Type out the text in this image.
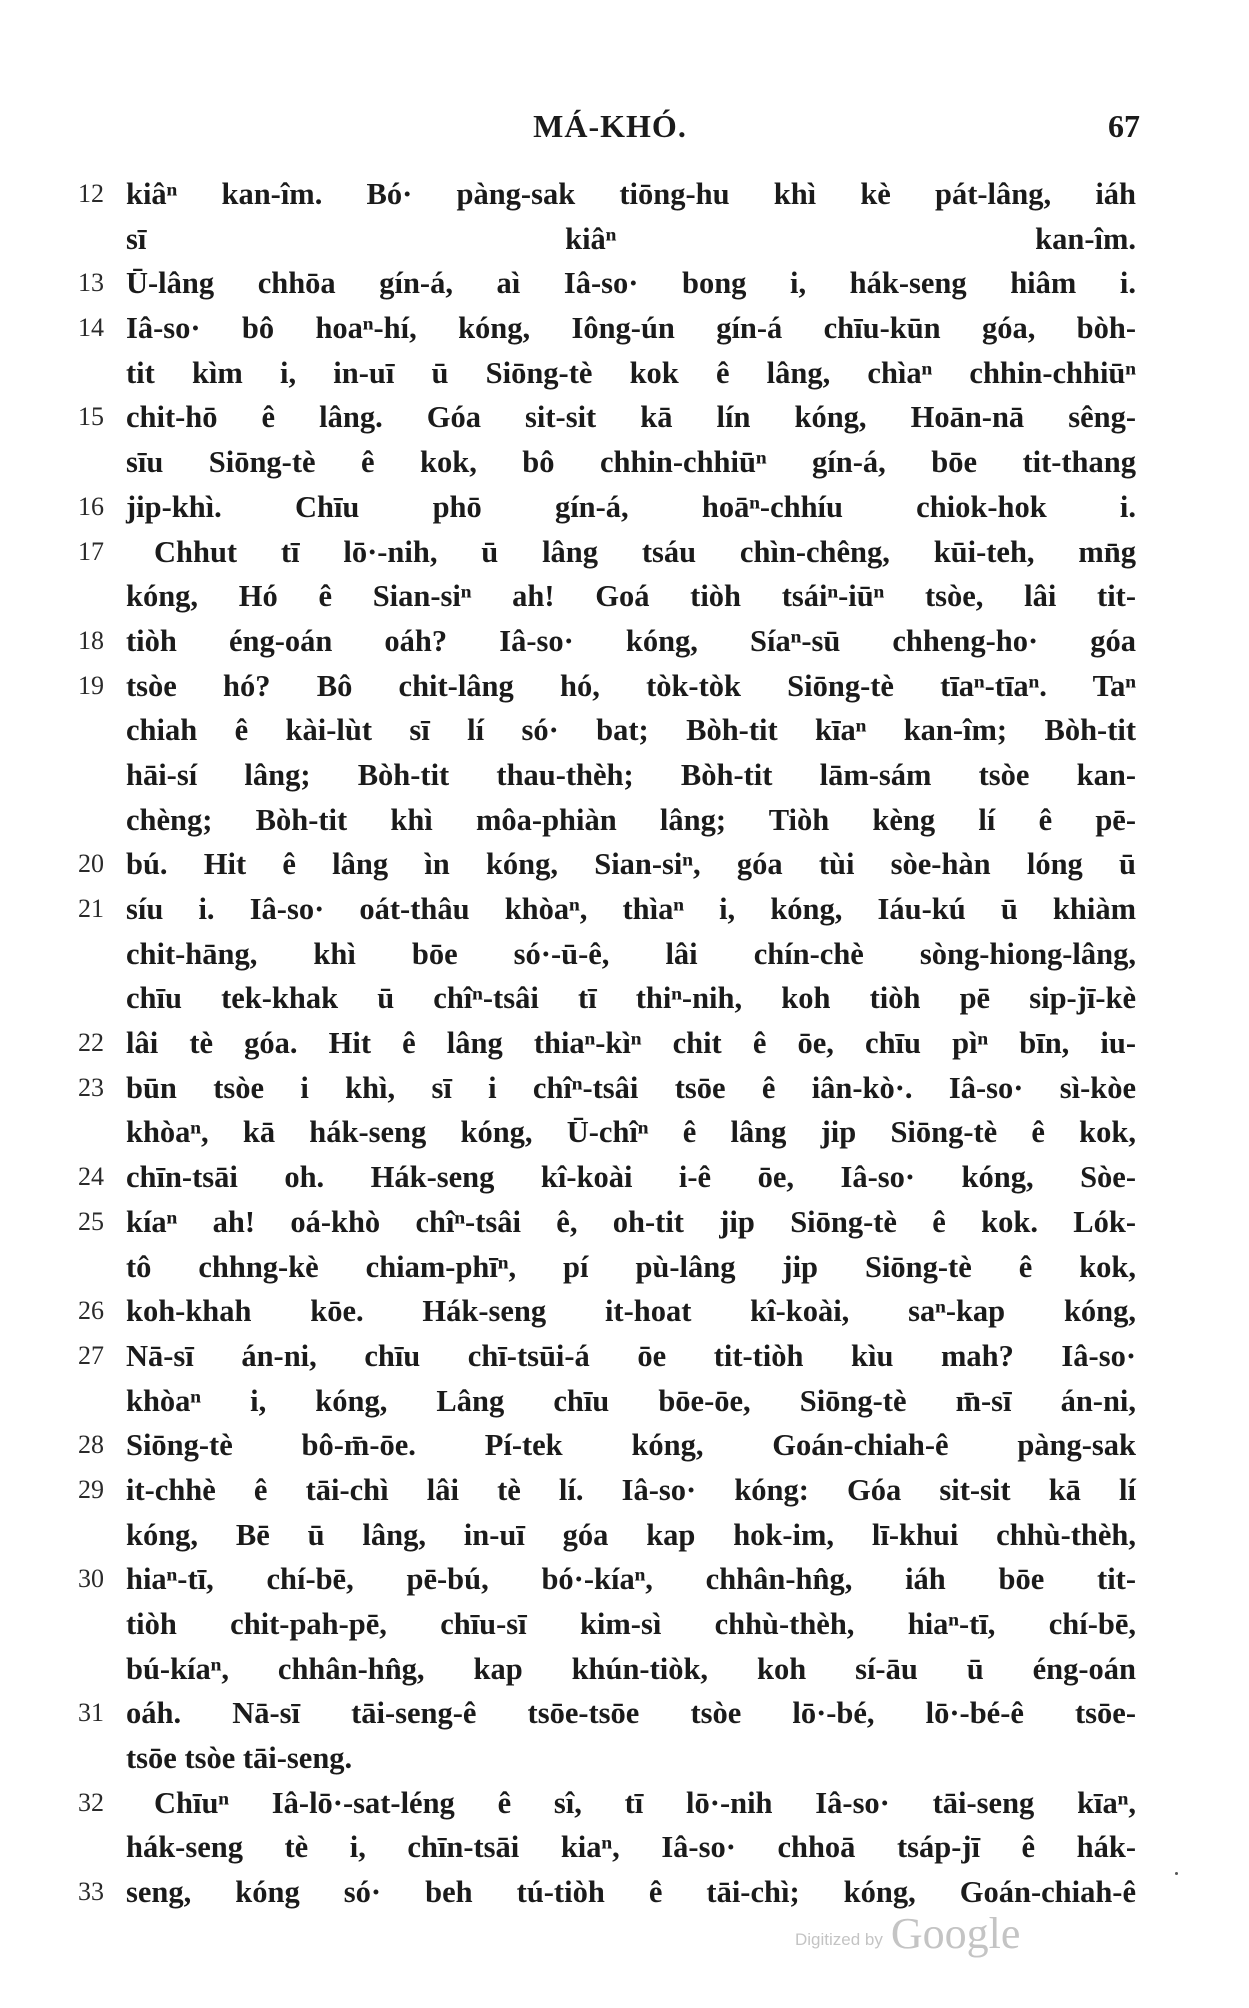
MÁ-KHÓ.	67
12 kiâⁿ kan-îm. Bó· pàng-sak tiōng-hu khì kè pát-lâng, iáh
sī kiâⁿ kan-îm.
13 Ū-lâng chhōa gín-á, aì Iâ-so· bong i, hák-seng hiâm i.
14 Iâ-so· bô hoaⁿ-hí, kóng, Iông-ún gín-á chīu-kūn góa, bòh-
tit kìm i, in-uī ū Siōng-tè kok ê lâng, chìaⁿ chhin-chhiūⁿ
15 chit-hō ê lâng. Góa sit-sit kā lín kóng, Hoān-nā sêng-
sīu Siōng-tè ê kok, bô chhin-chhiūⁿ gín-á, bōe tit-thang
16 jip-khì. Chīu phō gín-á, hoāⁿ-chhíu chiok-hok i.
17	Chhut tī lō·-nih, ū lâng tsáu chìn-chêng, kūi-teh, mn̄g
kóng, Hó ê Sian-siⁿ ah! Goá tiòh tsáiⁿ-iūⁿ tsòe, lâi tit-
18 tiòh éng-oán oáh? Iâ-so· kóng, Síaⁿ-sū chheng-ho· góa
19 tsòe hó? Bô chit-lâng hó, tòk-tòk Siōng-tè tīaⁿ-tīaⁿ. Taⁿ
chiah ê kài-lùt sī lí só· bat; Bòh-tit kīaⁿ kan-îm; Bòh-tit
hāi-sí lâng; Bòh-tit thau-thèh; Bòh-tit lām-sám tsòe kan-
chèng; Bòh-tit khì môa-phiàn lâng; Tiòh kèng lí ê pē-
20 bú. Hit ê lâng ìn kóng, Sian-siⁿ, góa tùi sòe-hàn lóng ū
21 síu i. Iâ-so· oát-thâu khòaⁿ, thìaⁿ i, kóng, Iáu-kú ū khiàm
chit-hāng, khì bōe só·-ū-ê, lâi chín-chè sòng-hiong-lâng,
chīu tek-khak ū chîⁿ-tsâi tī thiⁿ-nih, koh tiòh pē sip-jī-kè
22 lâi tè góa. Hit ê lâng thiaⁿ-kìⁿ chit ê ōe, chīu pìⁿ bīn, iu-
23 būn tsòe i khì, sī i chîⁿ-tsâi tsōe ê iân-kò·. Iâ-so· sì-kòe
khòaⁿ, kā hák-seng kóng, Ū-chîⁿ ê lâng jip Siōng-tè ê kok,
24 chīn-tsāi oh. Hák-seng kî-koài i-ê ōe, Iâ-so· kóng, Sòe-
25 kíaⁿ ah! oá-khò chîⁿ-tsâi ê, oh-tit jip Siōng-tè ê kok. Lók-
tô chhng-kè chiam-phīⁿ, pí pù-lâng jip Siōng-tè ê kok,
26 koh-khah kōe. Hák-seng it-hoat kî-koài, saⁿ-kap kóng,
27 Nā-sī án-ni, chīu chī-tsūi-á ōe tit-tiòh kìu mah? Iâ-so·
khòaⁿ i, kóng, Lâng chīu bōe-ōe, Siōng-tè m̄-sī án-ni,
28 Siōng-tè bô-m̄-ōe. Pí-tek kóng, Goán-chiah-ê pàng-sak
29 it-chhè ê tāi-chì lâi tè lí. Iâ-so· kóng: Góa sit-sit kā lí
kóng, Bē ū lâng, in-uī góa kap hok-im, lī-khui chhù-thèh,
30 hiaⁿ-tī, chí-bē, pē-bú, bó·-kíaⁿ, chhân-hn̂g, iáh bōe tit-
tiòh chit-pah-pē, chīu-sī kim-sì chhù-thèh, hiaⁿ-tī, chí-bē,
bú-kíaⁿ, chhân-hn̂g, kap khún-tiòk, koh sí-āu ū éng-oán
31 oáh. Nā-sī tāi-seng-ê tsōe-tsōe tsòe lō·-bé, lō·-bé-ê tsōe-
tsōe tsòe tāi-seng.
32	Chīuⁿ Iâ-lō·-sat-léng ê sî, tī lō·-nih Iâ-so· tāi-seng kīaⁿ,
hák-seng tè i, chīn-tsāi kiaⁿ, Iâ-so· chhoā tsáp-jī ê hák-
33 seng, kóng só· beh tú-tiòh ê tāi-chì; kóng, Goán-chiah-ê
Digitized by Google
